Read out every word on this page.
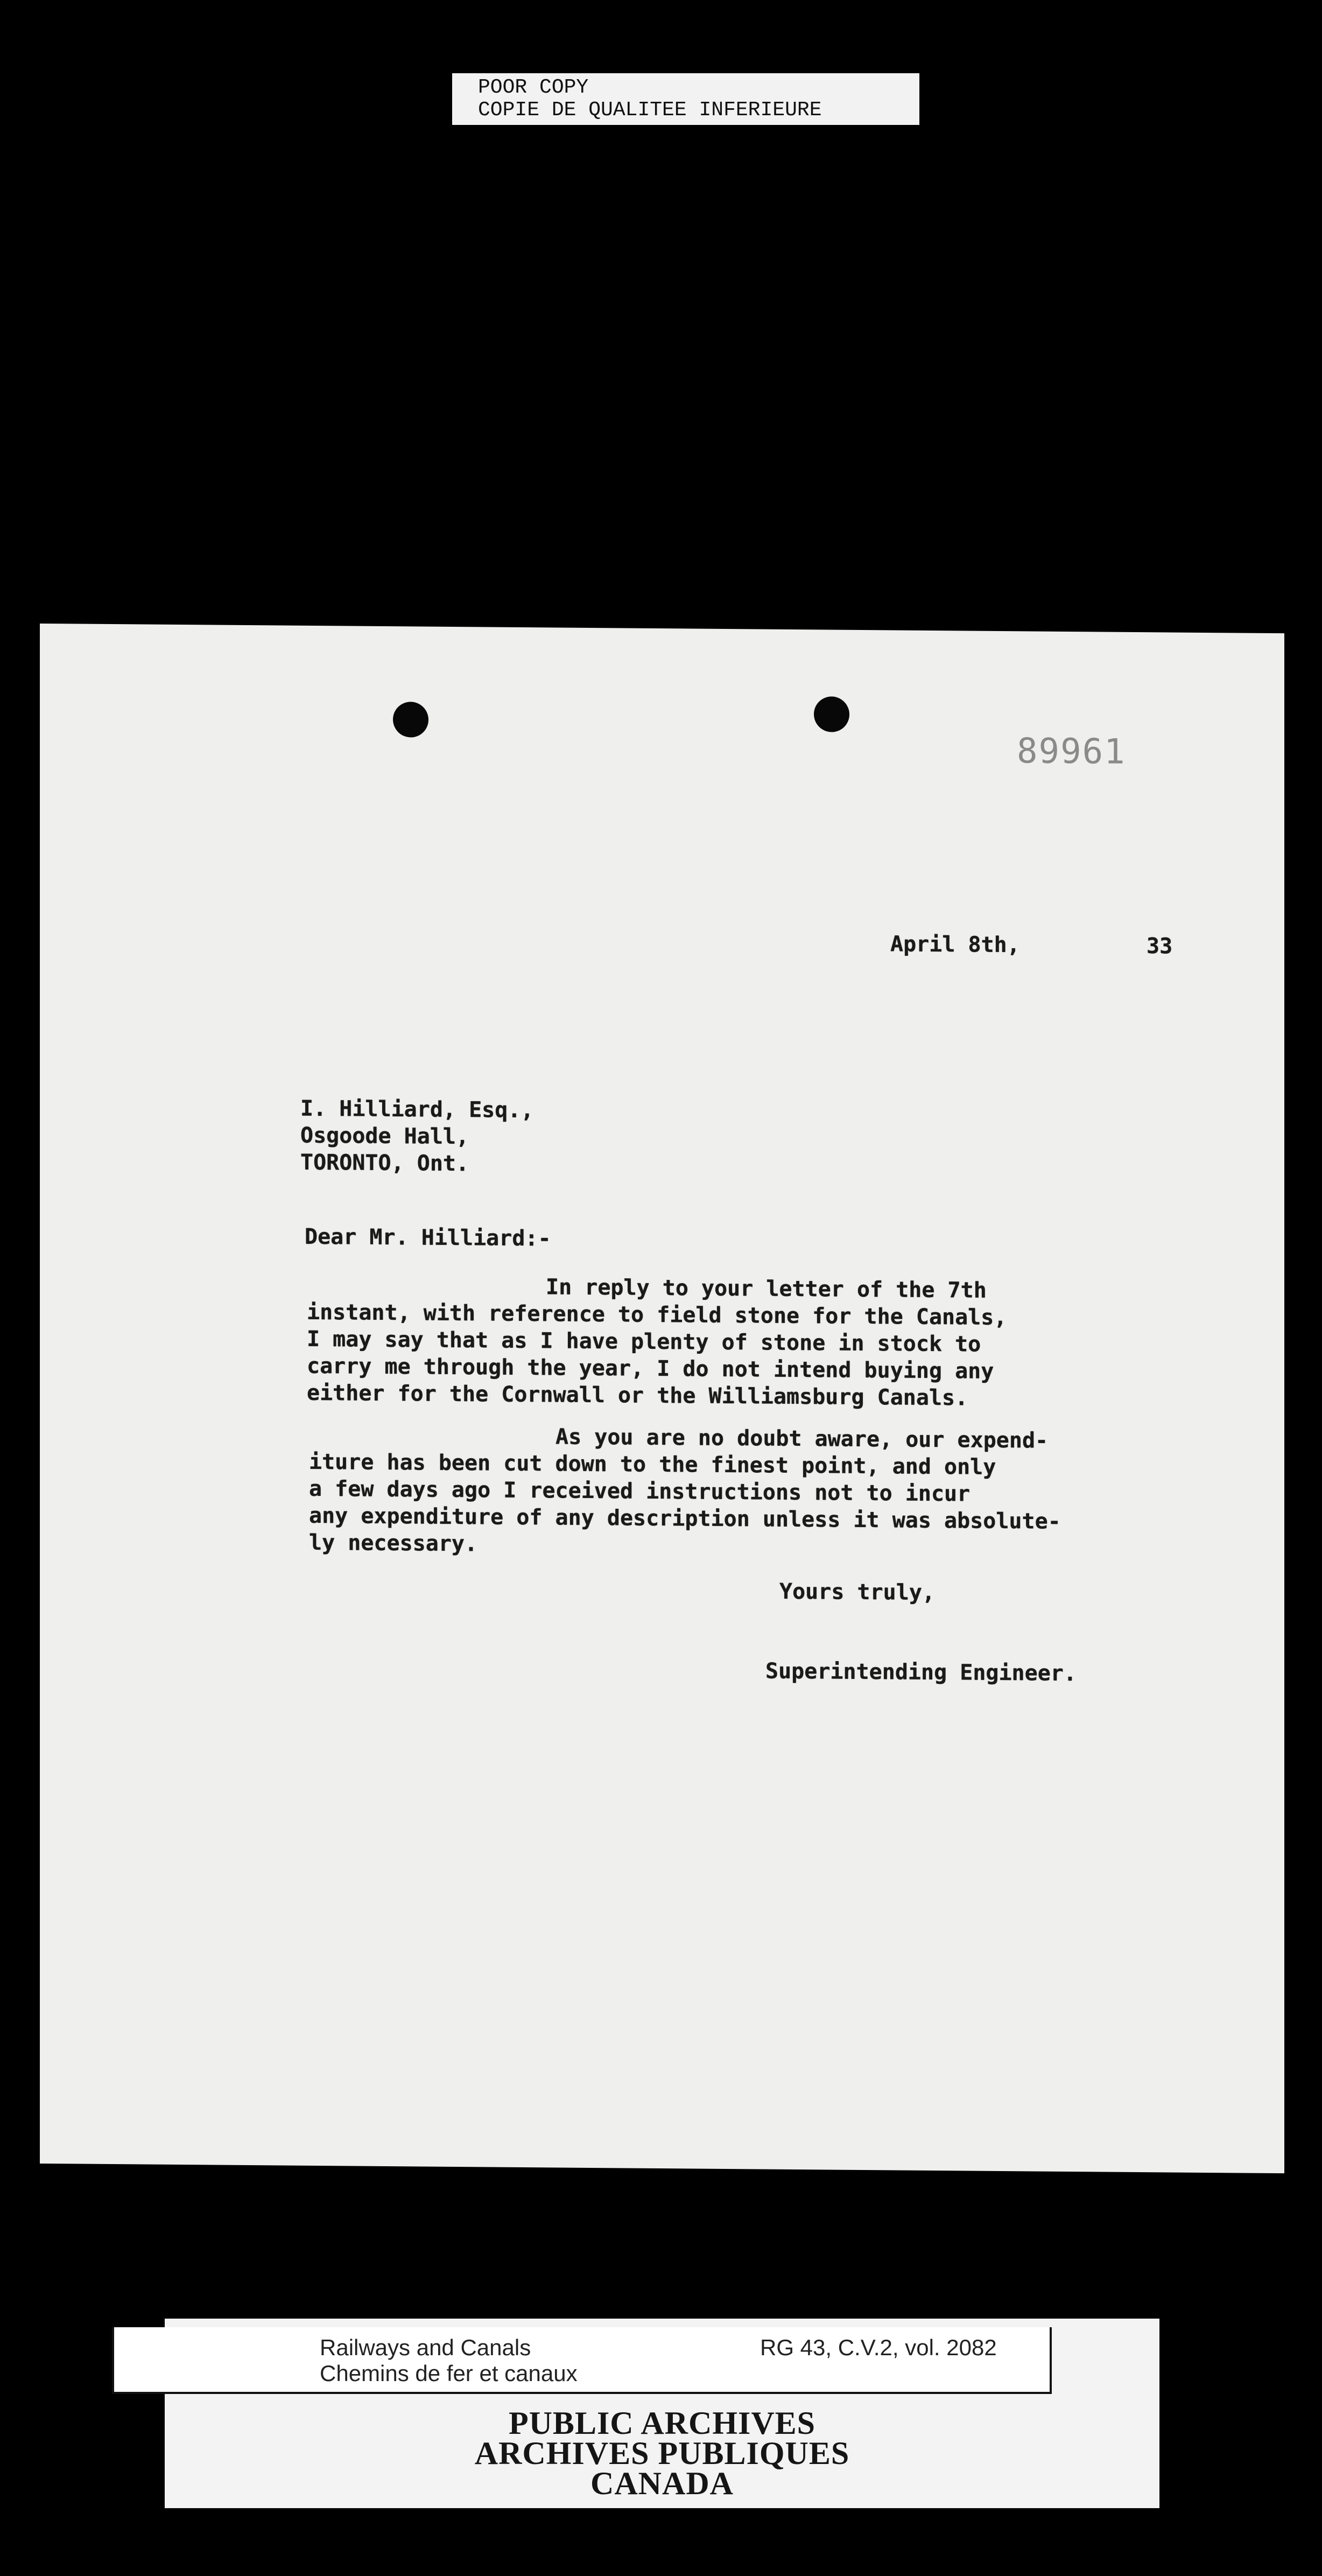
POOR COPY
COPIE DE QUALITEE INFERIEURE
89961
April 8th,	33
I. Hilliard, Esq.,
Osgoode Hall,
TORONTO, Ont.
Dear Mr. Hilliard:-
In reply to your letter of the 7th
instant, with reference to field stone for the Canals,
I may say that as I have plenty of stone in stock to
carry me through the year, I do not intend buying any
either for the Cornwall or the Williamsburg Canals.
As you are no doubt aware, our expend-
iture has been cut down to the finest point, and only
a few days ago I received instructions not to incur
any expenditure of any description unless it was absolute-
ly necessary.
Yours truly,
Superintending Engineer.
Railways and Canals
Chemins de fer et canaux
RG 43, C.V.2, vol. 2082
PUBLIC ARCHIVES
ARCHIVES PUBLIQUES
CANADA
